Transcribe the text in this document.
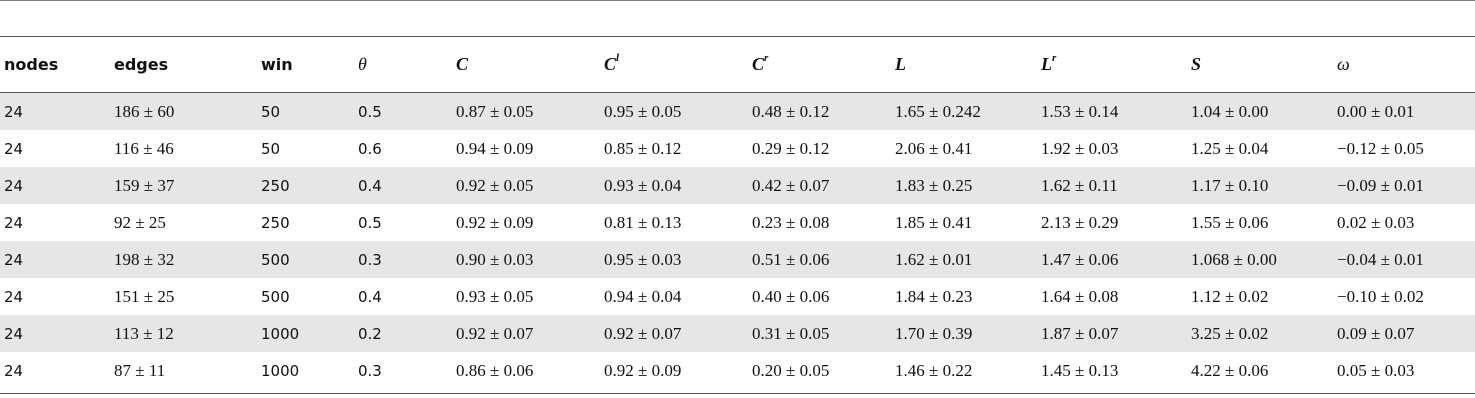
nodes	edges	win	θ	C	$C^l$	$C^r$	L	$L^r$	S	ω
24	186 ± 60	50	0.5	0.87 ± 0.05	0.95 ± 0.05	0.48 ± 0.12	1.65 ± 0.242	1.53 ± 0.14	1.04 ± 0.00	0.00 ± 0.01
24	116 ± 46	50	0.6	0.94 ± 0.09	0.85 ± 0.12	0.29 ± 0.12	2.06 ± 0.41	1.92 ± 0.03	1.25 ± 0.04	−0.12 ± 0.05
24	159 ± 37	250	0.4	0.92 ± 0.05	0.93 ± 0.04	0.42 ± 0.07	1.83 ± 0.25	1.62 ± 0.11	1.17 ± 0.10	−0.09 ± 0.01
24	92 ± 25	250	0.5	0.92 ± 0.09	0.81 ± 0.13	0.23 ± 0.08	1.85 ± 0.41	2.13 ± 0.29	1.55 ± 0.06	0.02 ± 0.03
24	198 ± 32	500	0.3	0.90 ± 0.03	0.95 ± 0.03	0.51 ± 0.06	1.62 ± 0.01	1.47 ± 0.06	1.068 ± 0.00	−0.04 ± 0.01
24	151 ± 25	500	0.4	0.93 ± 0.05	0.94 ± 0.04	0.40 ± 0.06	1.84 ± 0.23	1.64 ± 0.08	1.12 ± 0.02	−0.10 ± 0.02
24	113 ± 12	1000	0.2	0.92 ± 0.07	0.92 ± 0.07	0.31 ± 0.05	1.70 ± 0.39	1.87 ± 0.07	3.25 ± 0.02	0.09 ± 0.07
24	87 ± 11	1000	0.3	0.86 ± 0.06	0.92 ± 0.09	0.20 ± 0.05	1.46 ± 0.22	1.45 ± 0.13	4.22 ± 0.06	0.05 ± 0.03
